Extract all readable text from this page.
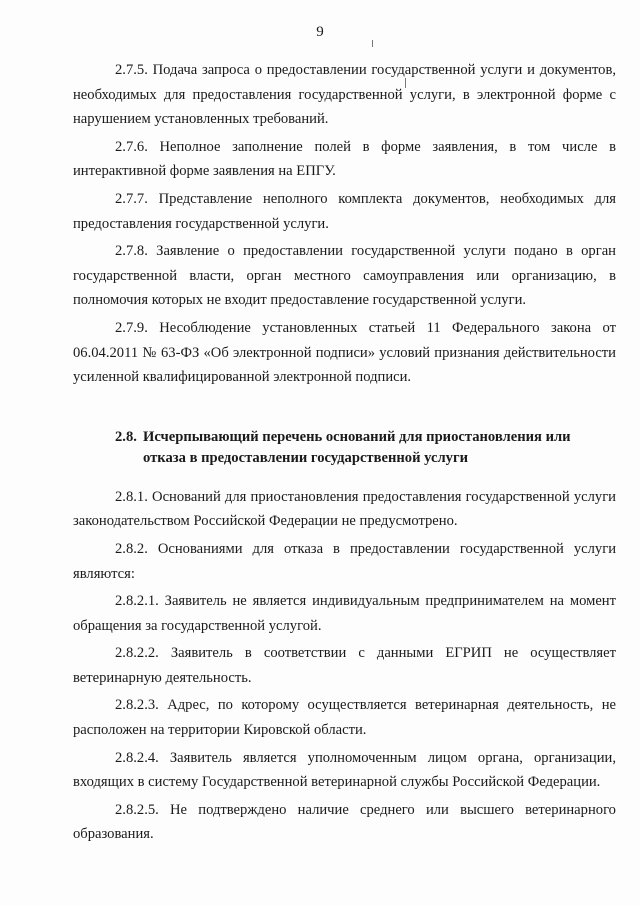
9

2.7.5. Подача запроса о предоставлении государственной услуги и документов, необходимых для предоставления государственной услуги, в электронной форме с нарушением установленных требований.

2.7.6. Неполное заполнение полей в форме заявления, в том числе в интерактивной форме заявления на ЕПГУ.

2.7.7. Представление неполного комплекта документов, необходимых для предоставления государственной услуги.

2.7.8. Заявление о предоставлении государственной услуги подано в орган государственной власти, орган местного самоуправления или организацию, в полномочия которых не входит предоставление государственной услуги.

2.7.9. Несоблюдение установленных статьей 11 Федерального закона от 06.04.2011 № 63-ФЗ «Об электронной подписи» условий признания действительности усиленной квалифицированной электронной подписи.

2.8. Исчерпывающий перечень оснований для приостановления или
отказа в предоставлении государственной услуги

2.8.1. Оснований для приостановления предоставления государственной услуги законодательством Российской Федерации не предусмотрено.

2.8.2. Основаниями для отказа в предоставлении государственной услуги являются:

2.8.2.1. Заявитель не является индивидуальным предпринимателем на момент обращения за государственной услугой.

2.8.2.2. Заявитель в соответствии с данными ЕГРИП не осуществляет ветеринарную деятельность.

2.8.2.3. Адрес, по которому осуществляется ветеринарная деятельность, не расположен на территории Кировской области.

2.8.2.4. Заявитель является уполномоченным лицом органа, организации, входящих в систему Государственной ветеринарной службы Российской Федерации.

2.8.2.5. Не подтверждено наличие среднего или высшего ветеринарного образования.
